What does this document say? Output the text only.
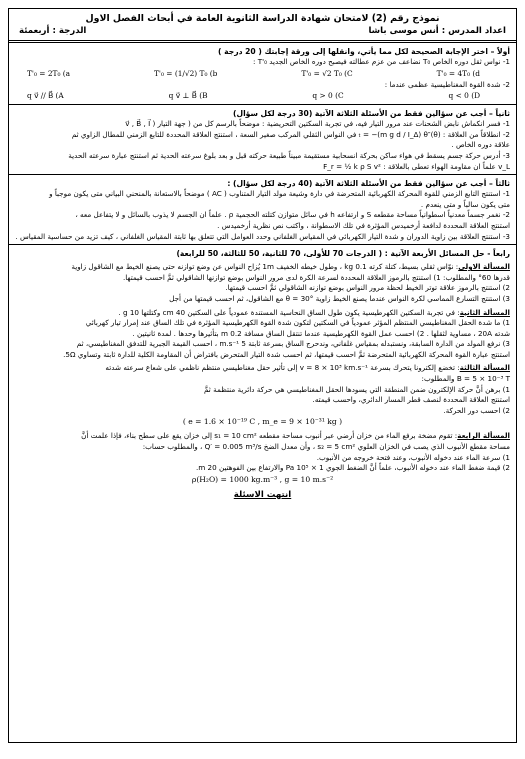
نموذج رقم (2) لامتحان شهادة الدراسة الثانوية العامة في أبحاث الفصل الاول
اعداد المدرس : أنس موسى باشا
الدرجة : أربعمئة
أولاً – اختر الإجابة الصحيحة لكل مما يأتي، وانقلها إلى ورقة إجابتك ( 20 درجة )

1- نواس ثقل دوره الخاص T₀ نضاعف من عزم عطالته فيصبح دوره الخاص الجديد T'₀ :

T'₀ = 2T₀ (a	T'₀ = (1/√2) T₀ (b	T'₀ = √2 T₀ (C	T'₀ = 4T₀ (d

2- شدة القوة المغناطيسية عظمى عندما :

q v⃗ // B⃗ (A	q v⃗ ⊥ B⃗ (B	q > 0 (C	q < 0 (D
ثانياً – أجب عن سؤالين فقط من الأسئلة الثلاثة الآتية (30 درجة لكل سؤال)

1- فسر انكماش نابض الشحنات عند مرور التيار فيه، في تجربة السكتين التحريضية : موضحاً بالرسم كل من ( جهة التيار ( v⃗ , B⃗ , I⃗

2- انطلاقاً من العلاقة : (θ)″ₜ = −(m g d / I_Δ) θ في النواس الثقلي المركب صغير السعة ، استنتج العلاقة المحددة للتابع الزمني للمطال الزاوي ثم

علاقة دوره الخاص .

3- أدرس حركة جسم يسقط في هواء ساكن بحركة انسحابية مستقيمة مبيناً طبيعة حركته قبل و بعد بلوغ سرعته الحدية ثم استنتج عبارة سرعته الحدية

v_L علماً ان مقاومة الهواء تعطى بالعلاقة : F_r = ½ k ρ S v²

ثالثاً – أجب عن سؤالين فقط من الأسئلة الثلاثة الآتية (40 درجة لكل سؤال) :

1- استنتج التابع الزمني للقوة المحركة الكهربائية المتحرضة في دارة وشيعة مولد التيار المتناوب ( AC ) موضحاً بالاستعانة بالمنحني البياني متى يكون موجباً و

متى يكون سالباً و متى ينعدم .

2- نغمر جسماً معدنياً اسطوانياً مساحة مقطعه S و ارتفاعه h في سائل متوازن كتلته الحجمية ρ . علماً ان الجسم لا يذوب بالسائل و لا يتفاعل معه ،

استنتج العلاقة المحددة لدافعة أرخميدس المؤثرة في تلك الاسطوانة ، واكتب نص نظرية أرخميدس .

3- استنتج العلاقة بين زاوية الدوران و شدة التيار الكهربائي في المقياس الغلفاني وحدد العوامل التي تتعلق بها ثابتة المقياس الغلفاني ، كيف تزيد من حساسية المقياس .

رابعاً - حل المسائل الأربعة الآتية : ( الدرجات 70 للأولى، 70 للثانية، 50 للثالثة، 50 للرابعة)

المسألة الاولى: نوّاس ثقلي بسيط، كتلة كرته 0.1 kg ، وطول خيطه الخفيف 1m يُزاح النواس عن وضع توازنه حتى يصنع الخيط مع الشاقول زاوية

قدرها 60° والمطلوب: 1) استنتج بالرموز العلاقة المحددة لسرعة الكرة لدى مرور النواس بوضع توازنها الشاقولي ثمَّ احسب قيمتها.

2) استنتج بالرموز علاقة توتر الخيط لحظة مرور النواس بوضع توازنه الشاقولي ثمَّ احسب قيمتها.

3) استنتج التسارع المماسي لكرة النواس عندما يصنع الخيط زاوية θ = 30° مع الشاقول، ثم احسب قيمتها من أجل

المسألة الثانية: في تجربة السكتين الكهرطيسية يكون طول الساق النحاسية المستندة عمودياً على السكتين 40 cm وكتلتها 10 g .

1) ما شدة الحقل المغناطيسي المنتظم المؤثر عمودياً في السكتين لتكون شدة القوة الكهرطيسية المؤثرة في تلك الساق عند إمرار تيار كهربائي

شدته 20A ، مساوية لثقلها . 2) احسب عمل القوة الكهرطيسية عندما تنتقل الساق مسافة 0.2 m بتأثيرها وحدها . لمدة ثانيتين .

3) نرفع المولد من الدارة السابقة، ونستبدله بمقياس غلفاني، وندحرج الساق بسرعة ثابتة 5 m.s⁻¹ ، احسب القيمة الجبرية للتدفق المغناطيسي، ثم

استنتج عبارة القوة المحركة الكهربائية المتحرضة ثمَّ احسب قيمتها، ثم احسب شدة التيار المتحرض بافتراض أن المقاومة الكلية للدارة ثابتة وتساوي 5Ω.

المسألة الثالثة: تخضع إلكترونا يتحرك بسرعة v = 8 × 10³ km.s⁻¹ إلى تأثير حقل مغناطيسي منتظم ناظمي على شعاع سرعته شدته

B = 5 × 10⁻³ T والمطلوب:

1) برهن أنَّ حركة الإلكترون ضمن المنطقة التي يسودها الحقل المغناطيسي هي حركة دائرية منتظمة ثمَّ

استنتج العلاقة المحددة لنصف قطر المسار الدائري، واحسب قيمته.

2) احسب دور الحركة.

( e = 1.6 × 10⁻¹⁹ C , m_e = 9 × 10⁻³¹ kg )

المسألة الرابعة: تقوم مضخة برفع الماء من خزان أرضي عبر أنبوب مساحة مقطعه s₁ = 10 cm² إلى خزان يقع على سطح بناء، فإذا علمت أنَّ

مساحة مقطع الأنبوب الذي يصب في الخزان العلوي s₂ = 5 cm² ، وأن معدل الضخ Q′ = 0.005 m³/s ، والمطلوب حساب:

1) سرعة الماء عند دخوله الأنبوب، وعند فتحة خروجه من الأنبوب.

2) قيمة ضغط الماء عند دخوله الأنبوب، علماً أنَّ الضغط الجوي 1 × 10⁵ Pa والارتفاع بين الفوهتين 20 m.

ρ(H₂O) = 1000 kg.m⁻³ , g = 10 m.s⁻²
انتهت الاسئلة
